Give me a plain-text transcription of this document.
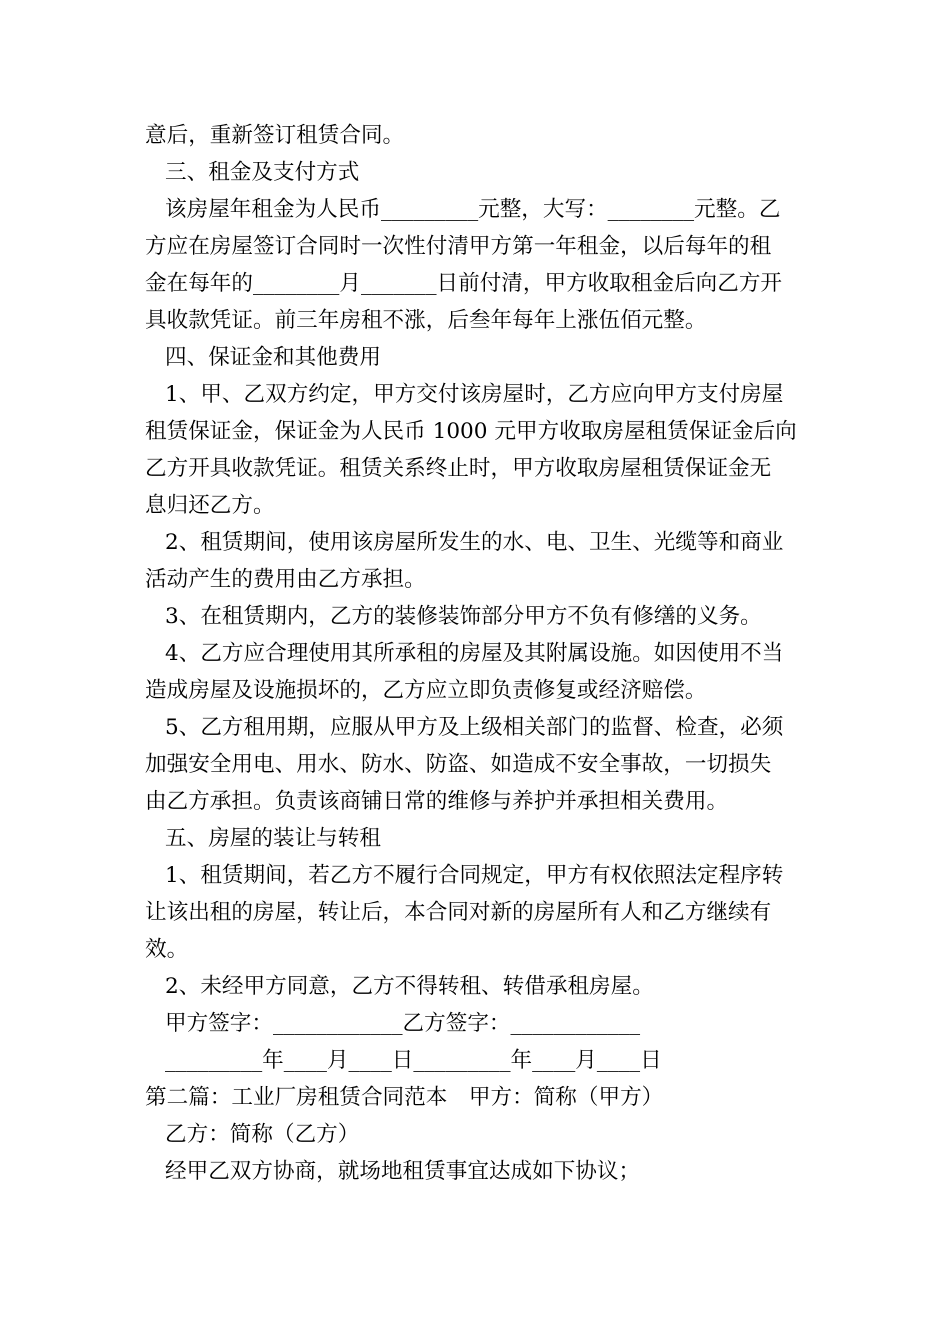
意后，重新签订租赁合同。
三、租金及支付方式
该房屋年租金为人民币_________元整，大写：________元整。乙
方应在房屋签订合同时一次性付清甲方第一年租金，以后每年的租
金在每年的________月_______日前付清，甲方收取租金后向乙方开
具收款凭证。前三年房租不涨，后叁年每年上涨伍佰元整。
四、保证金和其他费用
1、甲、乙双方约定，甲方交付该房屋时，乙方应向甲方支付房屋
租赁保证金，保证金为人民币 1000 元甲方收取房屋租赁保证金后向
乙方开具收款凭证。租赁关系终止时，甲方收取房屋租赁保证金无
息归还乙方。
2、租赁期间，使用该房屋所发生的水、电、卫生、光缆等和商业
活动产生的费用由乙方承担。
3、在租赁期内，乙方的装修装饰部分甲方不负有修缮的义务。
4、乙方应合理使用其所承租的房屋及其附属设施。如因使用不当
造成房屋及设施损坏的，乙方应立即负责修复或经济赔偿。
5、乙方租用期，应服从甲方及上级相关部门的监督、检查，必须
加强安全用电、用水、防水、防盗、如造成不安全事故，一切损失
由乙方承担。负责该商铺日常的维修与养护并承担相关费用。
五、房屋的装让与转租
1、租赁期间，若乙方不履行合同规定，甲方有权依照法定程序转
让该出租的房屋，转让后，本合同对新的房屋所有人和乙方继续有
效。
2、未经甲方同意，乙方不得转租、转借承租房屋。
甲方签字：____________乙方签字：____________
_________年____月____日_________年____月____日
第二篇：工业厂房租赁合同范本　甲方：简称（甲方）
乙方：简称（乙方）
经甲乙双方协商，就场地租赁事宜达成如下协议；
